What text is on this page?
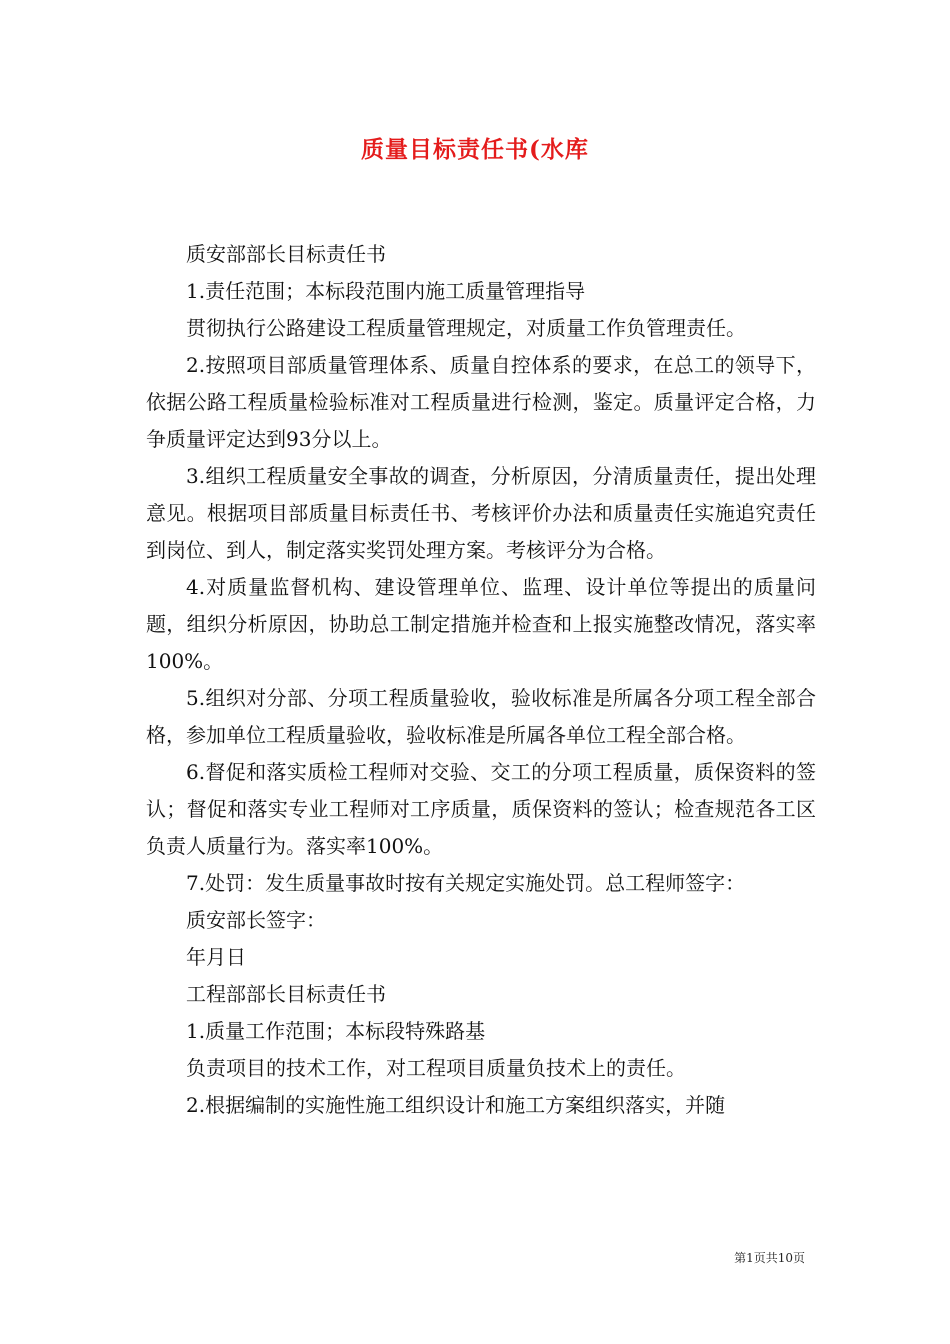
质量目标责任书(水库

质安部部长目标责任书

1.责任范围；本标段范围内施工质量管理指导

贯彻执行公路建设工程质量管理规定，对质量工作负管理责任。

2.按照项目部质量管理体系、质量自控体系的要求，在总工的领导下，依据公路工程质量检验标准对工程质量进行检测，鉴定。质量评定合格，力争质量评定达到93分以上。

3.组织工程质量安全事故的调查，分析原因，分清质量责任，提出处理意见。根据项目部质量目标责任书、考核评价办法和质量责任实施追究责任到岗位、到人，制定落实奖罚处理方案。考核评分为合格。

4.对质量监督机构、建设管理单位、监理、设计单位等提出的质量问题，组织分析原因，协助总工制定措施并检查和上报实施整改情况，落实率100%。

5.组织对分部、分项工程质量验收，验收标准是所属各分项工程全部合格，参加单位工程质量验收，验收标准是所属各单位工程全部合格。

6.督促和落实质检工程师对交验、交工的分项工程质量，质保资料的签认；督促和落实专业工程师对工序质量，质保资料的签认；检查规范各工区负责人质量行为。落实率100%。

7.处罚：发生质量事故时按有关规定实施处罚。总工程师签字：

质安部长签字：

年月日

工程部部长目标责任书

1.质量工作范围；本标段特殊路基

负责项目的技术工作，对工程项目质量负技术上的责任。

2.根据编制的实施性施工组织设计和施工方案组织落实，并随

第1页共10页
